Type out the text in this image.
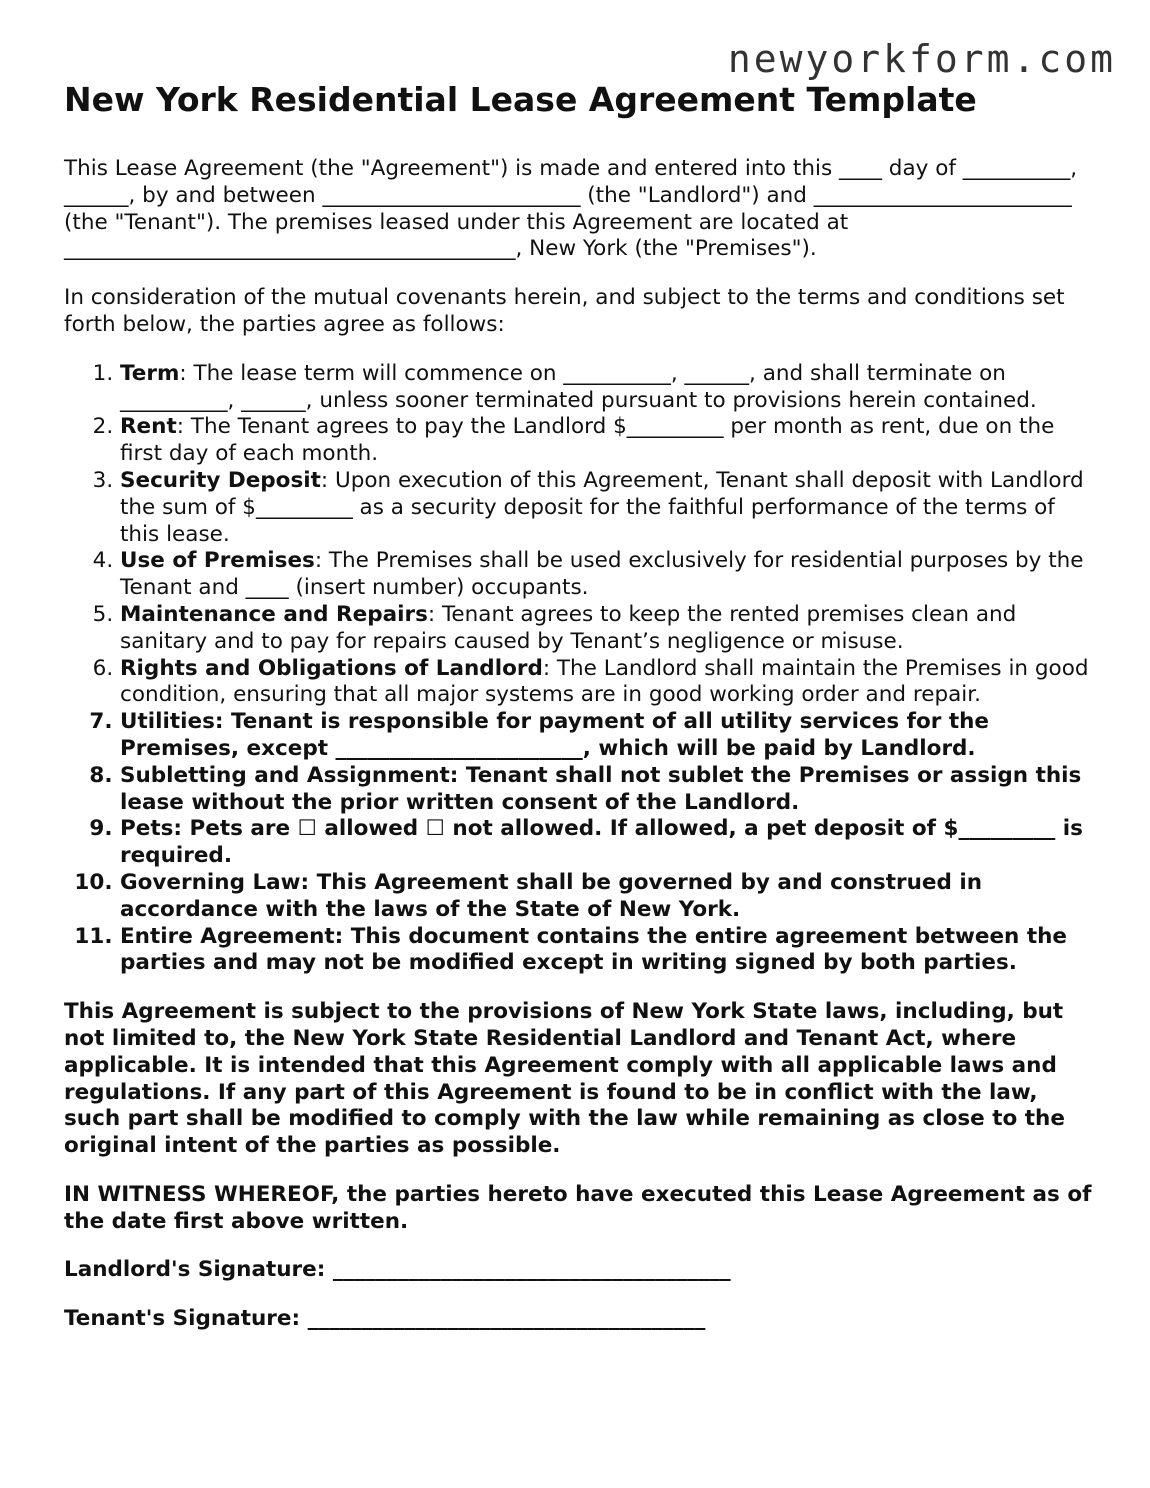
newyorkform.com
New York Residential Lease Agreement Template

This Lease Agreement (the "Agreement") is made and entered into this ____ day of __________, ______, by and between ________________________ (the "Landlord") and ________________________ (the "Tenant"). The premises leased under this Agreement are located at __________________________________________, New York (the "Premises").

In consideration of the mutual covenants herein, and subject to the terms and conditions set forth below, the parties agree as follows:

1. Term: The lease term will commence on __________, ______, and shall terminate on __________, ______, unless sooner terminated pursuant to provisions herein contained.
2. Rent: The Tenant agrees to pay the Landlord $_________ per month as rent, due on the first day of each month.
3. Security Deposit: Upon execution of this Agreement, Tenant shall deposit with Landlord the sum of $_________ as a security deposit for the faithful performance of the terms of this lease.
4. Use of Premises: The Premises shall be used exclusively for residential purposes by the Tenant and ____ (insert number) occupants.
5. Maintenance and Repairs: Tenant agrees to keep the rented premises clean and sanitary and to pay for repairs caused by Tenant’s negligence or misuse.
6. Rights and Obligations of Landlord: The Landlord shall maintain the Premises in good condition, ensuring that all major systems are in good working order and repair.
7. Utilities: Tenant is responsible for payment of all utility services for the Premises, except _______________________, which will be paid by Landlord.
8. Subletting and Assignment: Tenant shall not sublet the Premises or assign this lease without the prior written consent of the Landlord.
9. Pets: Pets are ☐ allowed ☐ not allowed. If allowed, a pet deposit of $_________ is required.
10. Governing Law: This Agreement shall be governed by and construed in accordance with the laws of the State of New York.
11. Entire Agreement: This document contains the entire agreement between the parties and may not be modified except in writing signed by both parties.

This Agreement is subject to the provisions of New York State laws, including, but not limited to, the New York State Residential Landlord and Tenant Act, where applicable. It is intended that this Agreement comply with all applicable laws and regulations. If any part of this Agreement is found to be in conflict with the law, such part shall be modified to comply with the law while remaining as close to the original intent of the parties as possible.

IN WITNESS WHEREOF, the parties hereto have executed this Lease Agreement as of the date first above written.

Landlord's Signature: _____________________________________

Tenant's Signature: _____________________________________
